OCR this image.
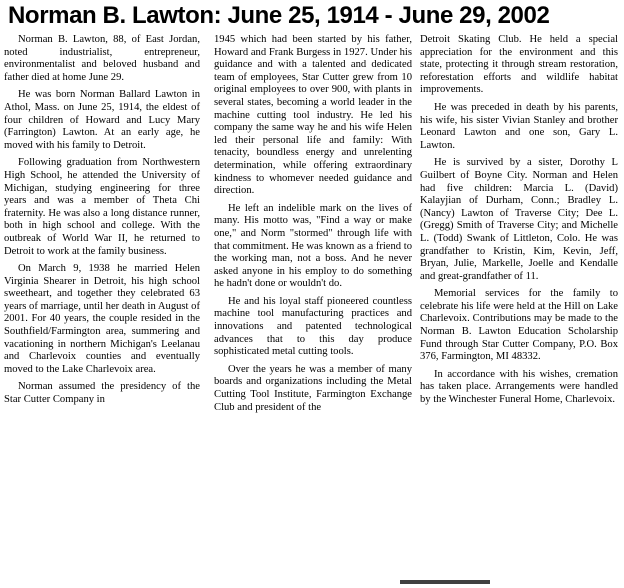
Norman B. Lawton: June 25, 1914 - June 29, 2002

Norman B. Lawton, 88, of East Jordan, noted industrialist, entrepreneur, environmentalist and beloved husband and father died at home June 29.

He was born Norman Ballard Lawton in Athol, Mass. on June 25, 1914, the eldest of four children of Howard and Lucy Mary (Farrington) Lawton. At an early age, he moved with his family to Detroit.

Following graduation from Northwestern High School, he attended the University of Michigan, studying engineering for three years and was a member of Theta Chi fraternity. He was also a long distance runner, both in high school and college. With the outbreak of World War II, he returned to Detroit to work at the family business.

On March 9, 1938 he married Helen Virginia Shearer in Detroit, his high school sweetheart, and together they celebrated 63 years of marriage, until her death in August of 2001. For 40 years, the couple resided in the Southfield/Farmington area, summering and vacationing in northern Michigan's Leelanau and Charlevoix counties and eventually moved to the Lake Charlevoix area.

Norman assumed the presidency of the Star Cutter Company in

1945 which had been started by his father, Howard and Frank Burgess in 1927. Under his guidance and with a talented and dedicated team of employees, Star Cutter grew from 10 original employees to over 900, with plants in several states, becoming a world leader in the machine cutting tool industry. He led his company the same way he and his wife Helen led their personal life and family: With tenacity, boundless energy and unrelenting determination, while offering extraordinary kindness to whomever needed guidance and direction.

He left an indelible mark on the lives of many. His motto was, "Find a way or make one," and Norm "stormed" through life with that commitment. He was known as a friend to the working man, not a boss. And he never asked anyone in his employ to do something he hadn't done or wouldn't do.

He and his loyal staff pioneered countless machine tool manufacturing practices and innovations and patented technological advances that to this day produce sophisticated metal cutting tools.

Over the years he was a member of many boards and organizations including the Metal Cutting Tool Institute, Farmington Exchange Club and president of the

Detroit Skating Club. He held a special appreciation for the environment and this state, protecting it through stream restoration, reforestation efforts and wildlife habitat improvements.

He was preceded in death by his parents, his wife, his sister Vivian Stanley and brother Leonard Lawton and one son, Gary L. Lawton.

He is survived by a sister, Dorothy L Guilbert of Boyne City. Norman and Helen had five children: Marcia L. (David) Kalayjian of Durham, Conn.; Bradley L. (Nancy) Lawton of Traverse City; Dee L. (Gregg) Smith of Traverse City; and Michelle L. (Todd) Swank of Littleton, Colo. He was grandfather to Kristin, Kim, Kevin, Jeff, Bryan, Julie, Markelle, Joelle and Kendalle and great-grandfather of 11.

Memorial services for the family to celebrate his life were held at the Hill on Lake Charlevoix. Contributions may be made to the Norman B. Lawton Education Scholarship Fund through Star Cutter Company, P.O. Box 376, Farmington, MI 48332.

In accordance with his wishes, cremation has taken place. Arrangements were handled by the Winchester Funeral Home, Charlevoix.
